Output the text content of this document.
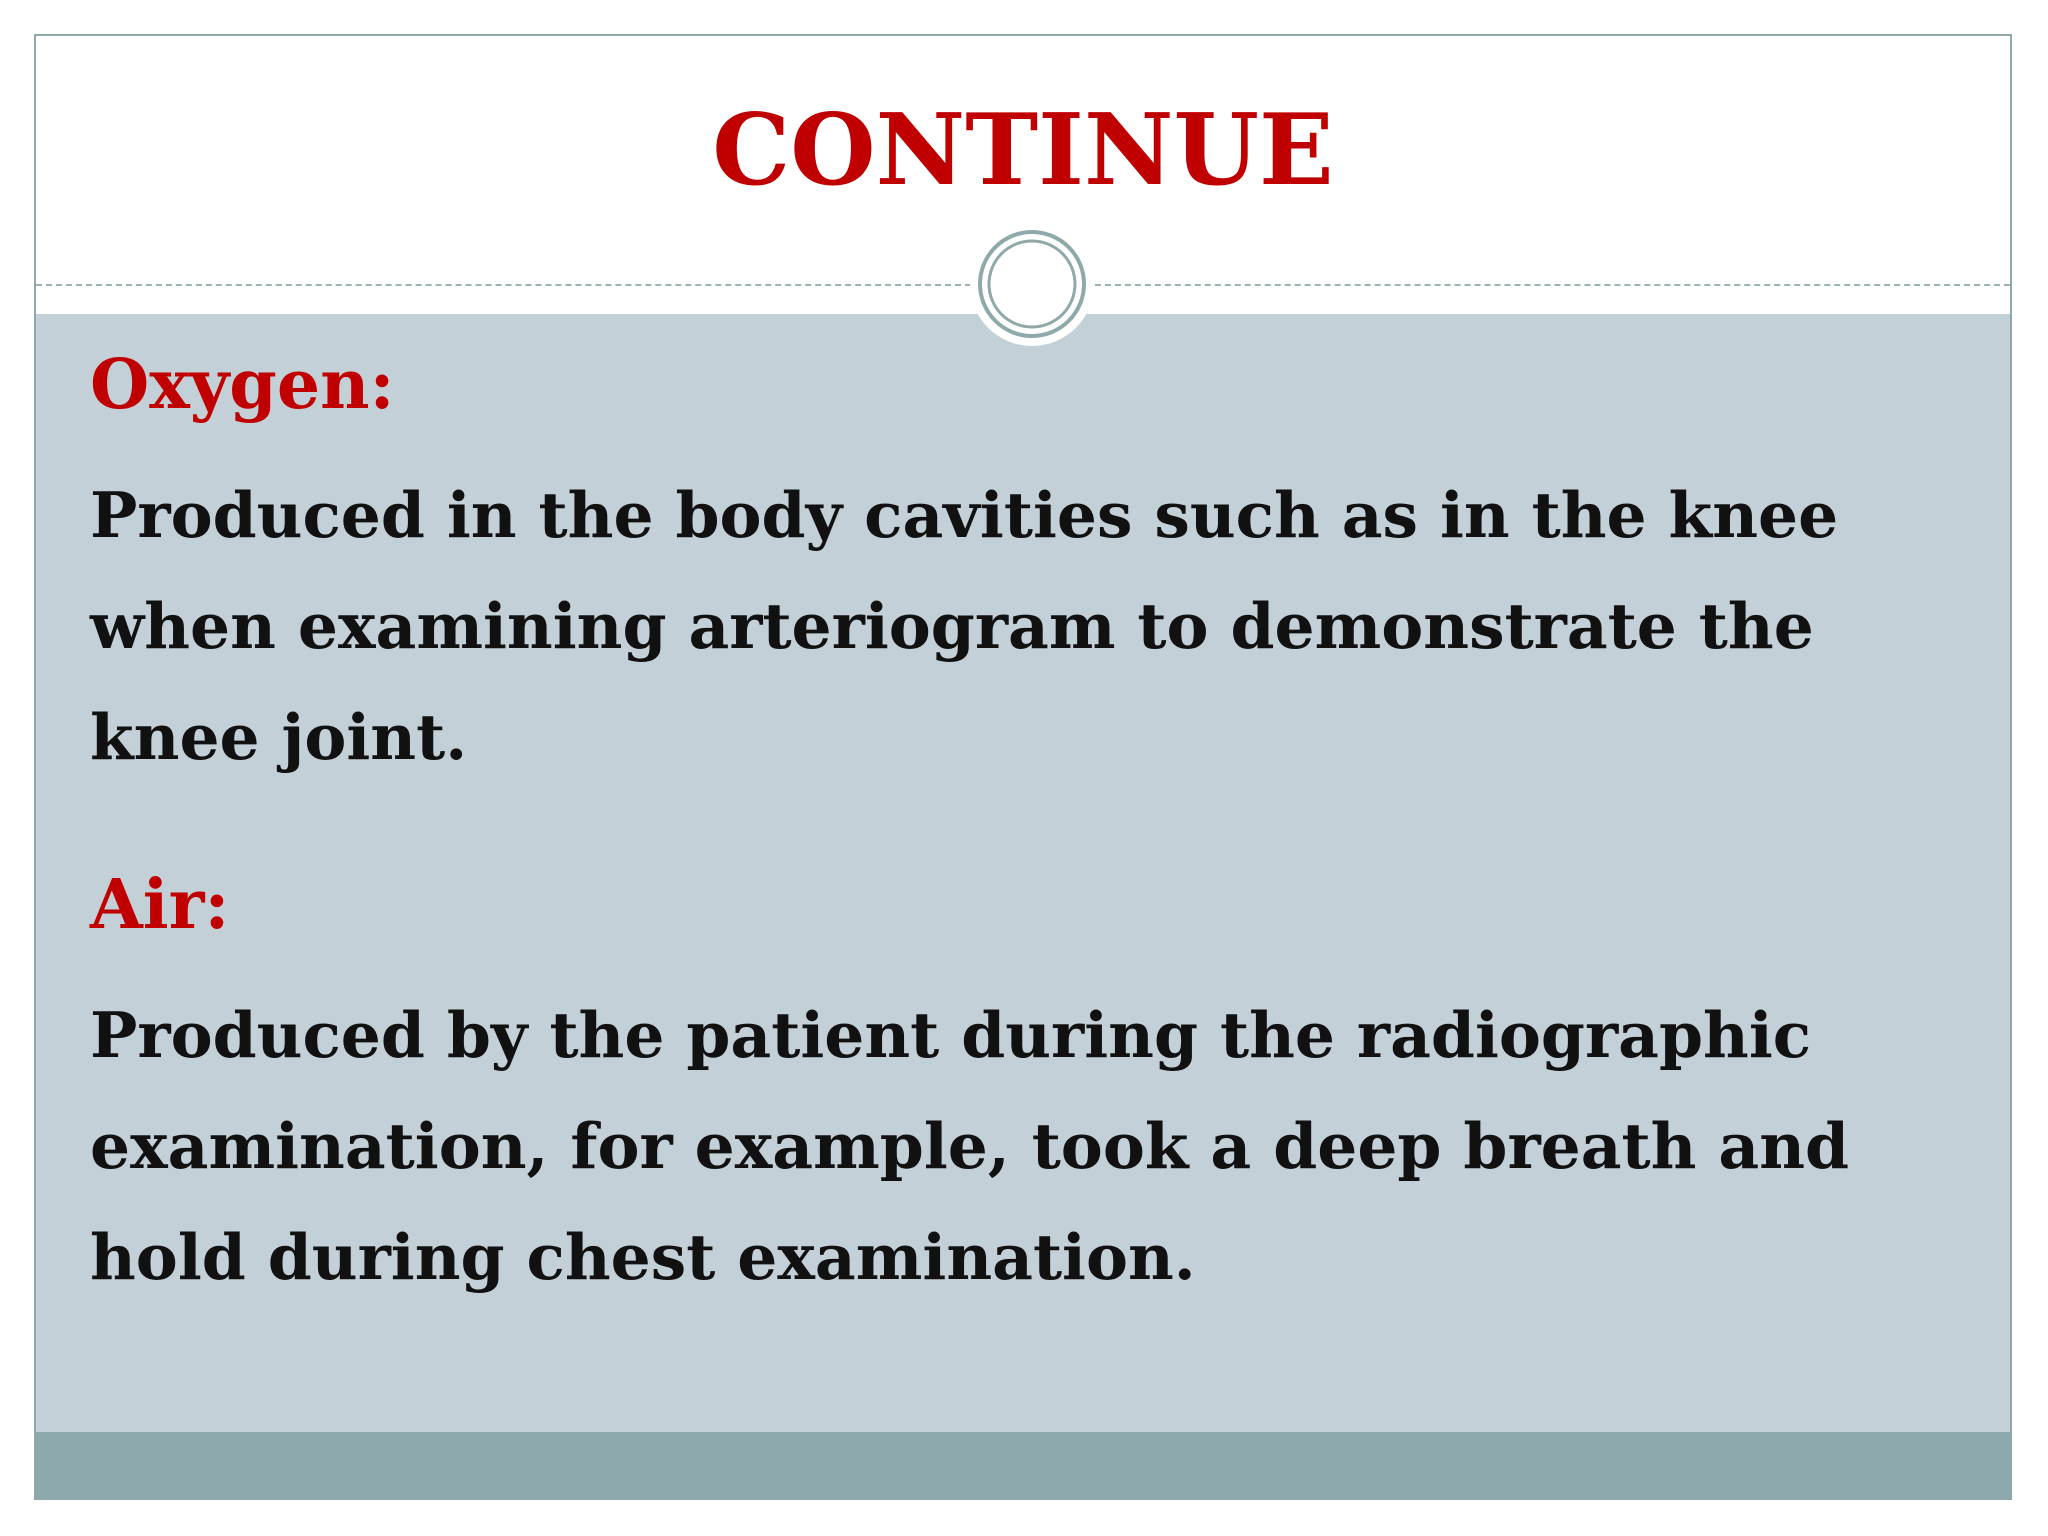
CONTINUE
Oxygen:
Produced in the body cavities such as in the knee
when examining arteriogram to demonstrate the
knee joint.
Air:
Produced by the patient during the radiographic
examination, for example, took a deep breath and
hold during chest examination.
